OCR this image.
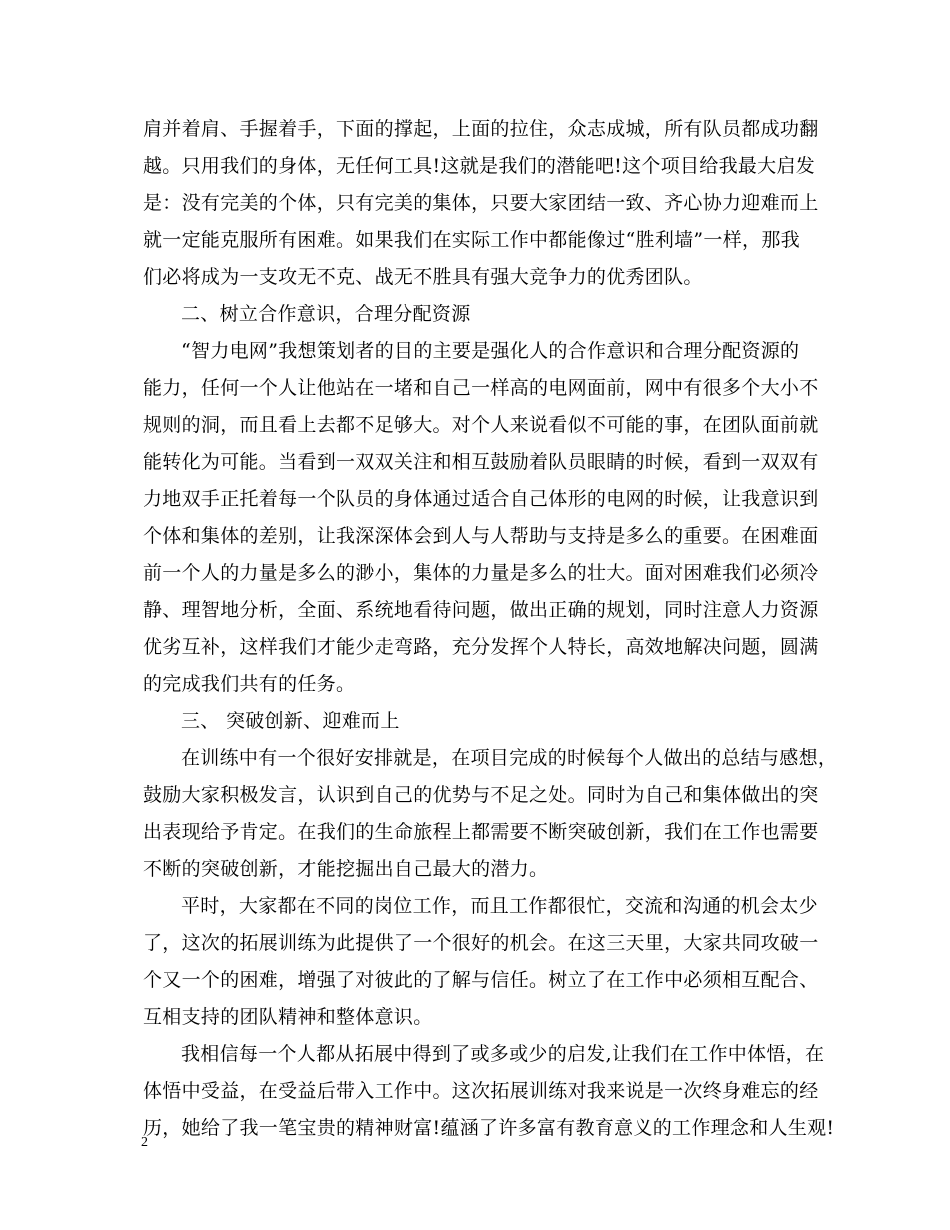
肩并着肩、手握着手，下面的撑起，上面的拉住，众志成城，所有队员都成功翻
越。只用我们的身体，无任何工具!这就是我们的潜能吧!这个项目给我最大启发
是：没有完美的个体，只有完美的集体，只要大家团结一致、齐心协力迎难而上
就一定能克服所有困难。如果我们在实际工作中都能像过“胜利墙”一样，那我
们必将成为一支攻无不克、战无不胜具有强大竞争力的优秀团队。
二、树立合作意识，合理分配资源
“智力电网”我想策划者的目的主要是强化人的合作意识和合理分配资源的
能力，任何一个人让他站在一堵和自己一样高的电网面前，网中有很多个大小不
规则的洞，而且看上去都不足够大。对个人来说看似不可能的事，在团队面前就
能转化为可能。当看到一双双关注和相互鼓励着队员眼睛的时候，看到一双双有
力地双手正托着每一个队员的身体通过适合自己体形的电网的时候，让我意识到
个体和集体的差别，让我深深体会到人与人帮助与支持是多么的重要。在困难面
前一个人的力量是多么的渺小，集体的力量是多么的壮大。面对困难我们必须冷
静、理智地分析，全面、系统地看待问题，做出正确的规划，同时注意人力资源
优劣互补，这样我们才能少走弯路，充分发挥个人特长，高效地解决问题，圆满
的完成我们共有的任务。
三、 突破创新、迎难而上
在训练中有一个很好安排就是，在项目完成的时候每个人做出的总结与感想，
鼓励大家积极发言，认识到自己的优势与不足之处。同时为自己和集体做出的突
出表现给予肯定。在我们的生命旅程上都需要不断突破创新，我们在工作也需要
不断的突破创新，才能挖掘出自己最大的潜力。
平时，大家都在不同的岗位工作，而且工作都很忙，交流和沟通的机会太少
了，这次的拓展训练为此提供了一个很好的机会。在这三天里，大家共同攻破一
个又一个的困难，增强了对彼此的了解与信任。树立了在工作中必须相互配合、
互相支持的团队精神和整体意识。
我相信每一个人都从拓展中得到了或多或少的启发,让我们在工作中体悟，在
体悟中受益，在受益后带入工作中。这次拓展训练对我来说是一次终身难忘的经
历，她给了我一笔宝贵的精神财富!蕴涵了许多富有教育意义的工作理念和人生观!
2
